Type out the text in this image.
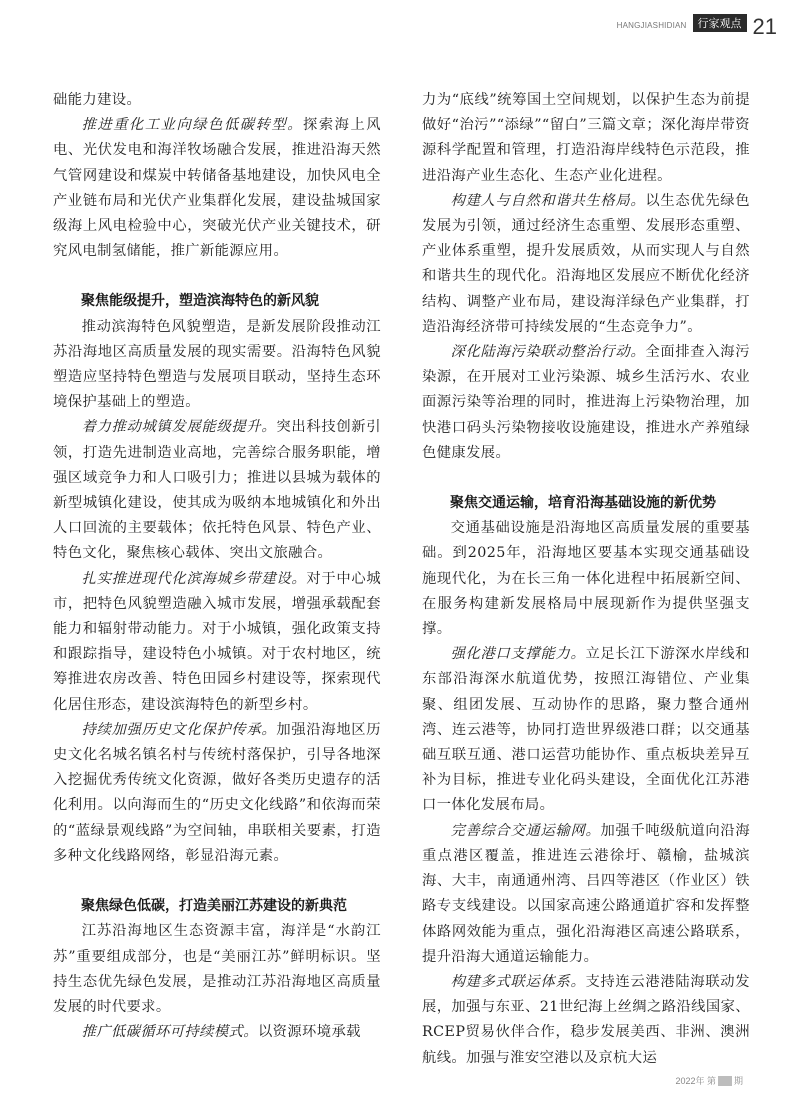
HANGJIASHIDIAN	行家观点 21

础能力建设。

推进重化工业向绿色低碳转型。探索海上风电、光伏发电和海洋牧场融合发展，推进沿海天然气管网建设和煤炭中转储备基地建设，加快风电全产业链布局和光伏产业集群化发展，建设盐城国家级海上风电检验中心，突破光伏产业关键技术，研究风电制氢储能，推广新能源应用。

聚焦能级提升，塑造滨海特色的新风貌

推动滨海特色风貌塑造，是新发展阶段推动江苏沿海地区高质量发展的现实需要。沿海特色风貌塑造应坚持特色塑造与发展项目联动，坚持生态环境保护基础上的塑造。

着力推动城镇发展能级提升。突出科技创新引领，打造先进制造业高地，完善综合服务职能，增强区域竞争力和人口吸引力；推进以县城为载体的新型城镇化建设，使其成为吸纳本地城镇化和外出人口回流的主要载体；依托特色风景、特色产业、特色文化，聚焦核心载体、突出文旅融合。

扎实推进现代化滨海城乡带建设。对于中心城市，把特色风貌塑造融入城市发展，增强承载配套能力和辐射带动能力。对于小城镇，强化政策支持和跟踪指导，建设特色小城镇。对于农村地区，统筹推进农房改善、特色田园乡村建设等，探索现代化居住形态，建设滨海特色的新型乡村。

持续加强历史文化保护传承。加强沿海地区历史文化名城名镇名村与传统村落保护，引导各地深入挖掘优秀传统文化资源，做好各类历史遗存的活化利用。以向海而生的“历史文化线路”和依海而荣的“蓝绿景观线路”为空间轴，串联相关要素，打造多种文化线路网络，彰显沿海元素。

聚焦绿色低碳，打造美丽江苏建设的新典范

江苏沿海地区生态资源丰富，海洋是“水韵江苏”重要组成部分，也是“美丽江苏”鲜明标识。坚持生态优先绿色发展，是推动江苏沿海地区高质量发展的时代要求。

推广低碳循环可持续模式。以资源环境承载

力为“底线”统筹国土空间规划，以保护生态为前提做好“治污”“添绿”“留白”三篇文章；深化海岸带资源科学配置和管理，打造沿海岸线特色示范段，推进沿海产业生态化、生态产业化进程。

构建人与自然和谐共生格局。以生态优先绿色发展为引领，通过经济生态重塑、发展形态重塑、产业体系重塑，提升发展质效，从而实现人与自然和谐共生的现代化。沿海地区发展应不断优化经济结构、调整产业布局，建设海洋绿色产业集群，打造沿海经济带可持续发展的“生态竞争力”。

深化陆海污染联动整治行动。全面排查入海污染源，在开展对工业污染源、城乡生活污水、农业面源污染等治理的同时，推进海上污染物治理，加快港口码头污染物接收设施建设，推进水产养殖绿色健康发展。

聚焦交通运输，培育沿海基础设施的新优势

交通基础设施是沿海地区高质量发展的重要基础。到2025年，沿海地区要基本实现交通基础设施现代化，为在长三角一体化进程中拓展新空间、在服务构建新发展格局中展现新作为提供坚强支撑。

强化港口支撑能力。立足长江下游深水岸线和东部沿海深水航道优势，按照江海错位、产业集聚、组团发展、互动协作的思路，聚力整合通州湾、连云港等，协同打造世界级港口群；以交通基础互联互通、港口运营功能协作、重点板块差异互补为目标，推进专业化码头建设，全面优化江苏港口一体化发展布局。

完善综合交通运输网。加强千吨级航道向沿海重点港区覆盖，推进连云港徐圩、赣榆，盐城滨海、大丰，南通通州湾、吕四等港区（作业区）铁路专支线建设。以国家高速公路通道扩容和发挥整体路网效能为重点，强化沿海港区高速公路联系，提升沿海大通道运输能力。

构建多式联运体系。支持连云港港陆海联动发展，加强与东亚、21世纪海上丝绸之路沿线国家、RCEP贸易伙伴合作，稳步发展美西、非洲、澳洲航线。加强与淮安空港以及京杭大运

2022年 第 期
